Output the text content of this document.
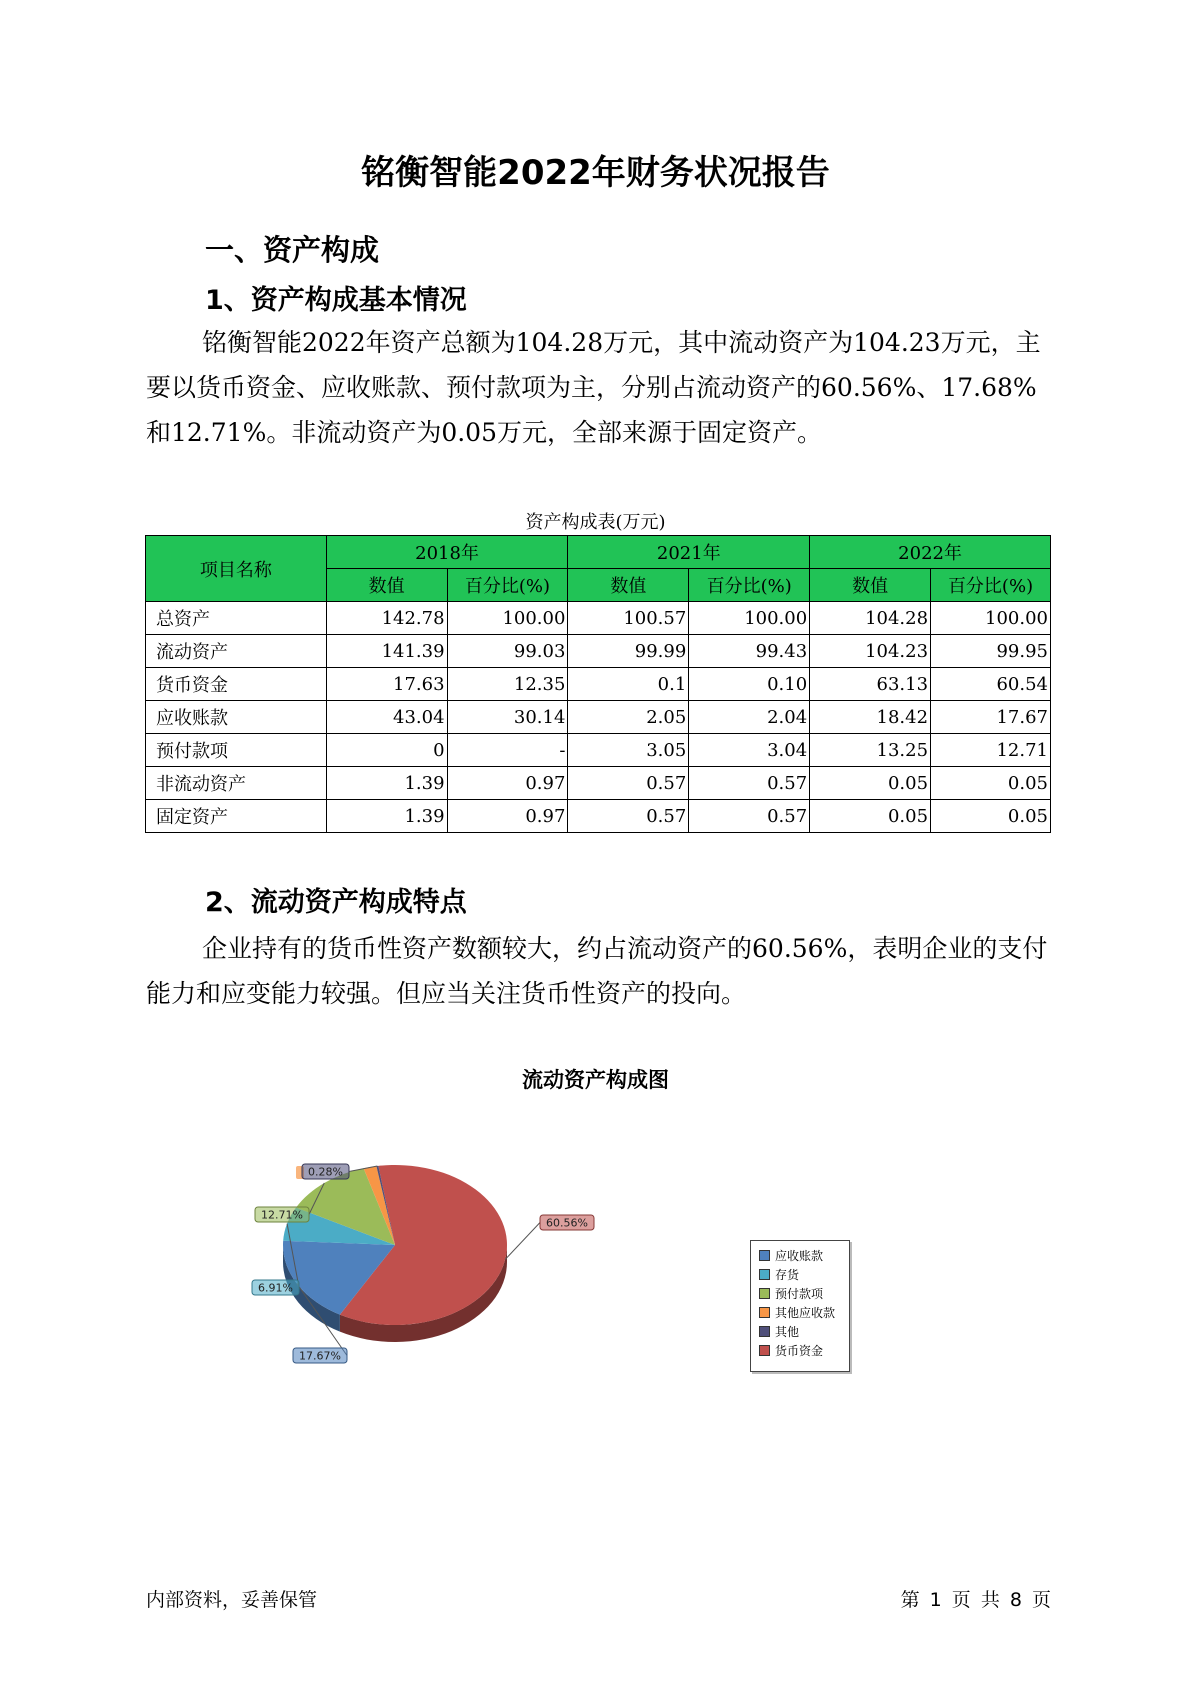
铭衡智能2022年财务状况报告
一、资产构成
1、资产构成基本情况
铭衡智能2022年资产总额为104.28万元，其中流动资产为104.23万元，主要以货币资金、应收账款、预付款项为主，分别占流动资产的60.56%、17.68%和12.71%。非流动资产为0.05万元，全部来源于固定资产。
资产构成表(万元)
项目名称	2018年		2021年		2022年	
	数值	百分比(%)	数值	百分比(%)	数值	百分比(%)
总资产	142.78	100.00	100.57	100.00	104.28	100.00
流动资产	141.39	99.03	99.99	99.43	104.23	99.95
货币资金	17.63	12.35	0.1	0.10	63.13	60.54
应收账款	43.04	30.14	2.05	2.04	18.42	17.67
预付款项	0	-	3.05	3.04	13.25	12.71
非流动资产	1.39	0.97	0.57	0.57	0.05	0.05
固定资产	1.39	0.97	0.57	0.57	0.05	0.05
2、流动资产构成特点
企业持有的货币性资产数额较大，约占流动资产的60.56%，表明企业的支付能力和应变能力较强。但应当关注货币性资产的投向。
流动资产构成图
60.56%
17.67%
6.91%
12.71%
0.28%
应收账款
存货
预付款项
其他应收款
其他
货币资金
内部资料，妥善保管	第 1 页 共 8 页
